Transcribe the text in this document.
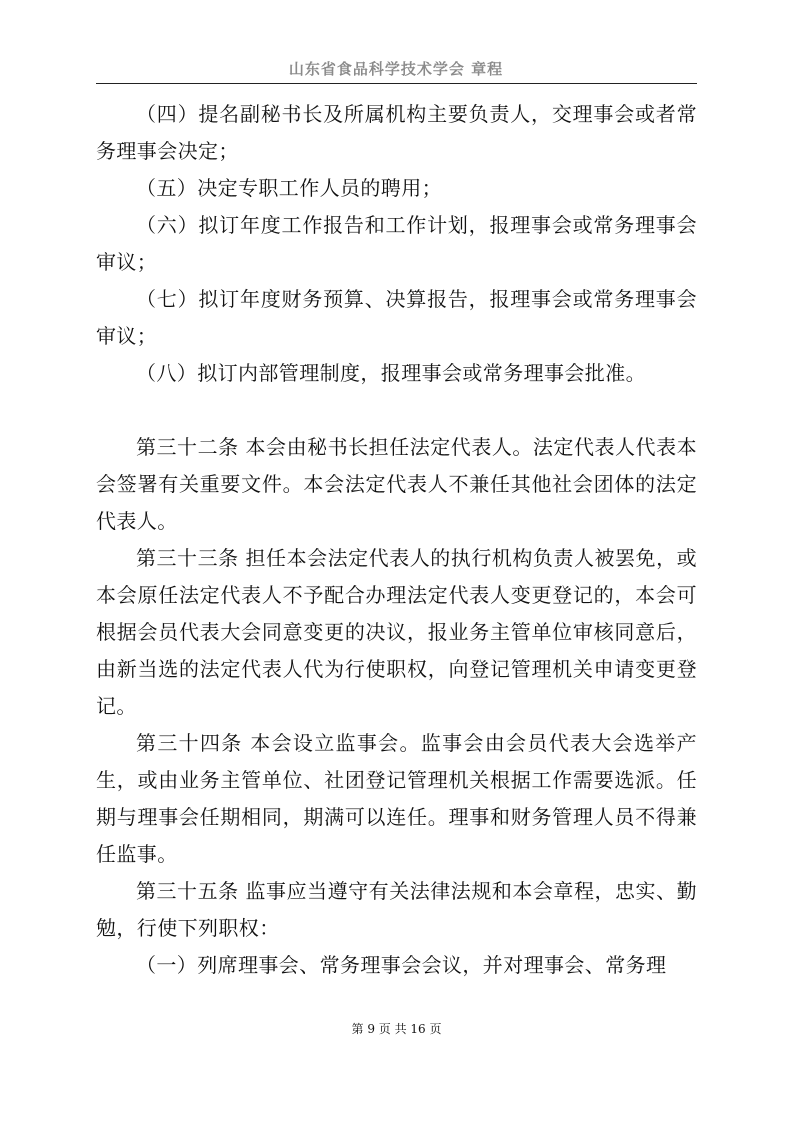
山东省食品科学技术学会 章程

（四）提名副秘书长及所属机构主要负责人，交理事会或者常务理事会决定；

（五）决定专职工作人员的聘用；

（六）拟订年度工作报告和工作计划，报理事会或常务理事会审议；

（七）拟订年度财务预算、决算报告，报理事会或常务理事会审议；

（八）拟订内部管理制度，报理事会或常务理事会批准。

第三十二条 本会由秘书长担任法定代表人。法定代表人代表本会签署有关重要文件。本会法定代表人不兼任其他社会团体的法定代表人。

第三十三条 担任本会法定代表人的执行机构负责人被罢免，或本会原任法定代表人不予配合办理法定代表人变更登记的，本会可根据会员代表大会同意变更的决议，报业务主管单位审核同意后，由新当选的法定代表人代为行使职权，向登记管理机关申请变更登记。

第三十四条 本会设立监事会。监事会由会员代表大会选举产生，或由业务主管单位、社团登记管理机关根据工作需要选派。任期与理事会任期相同，期满可以连任。理事和财务管理人员不得兼任监事。

第三十五条 监事应当遵守有关法律法规和本会章程，忠实、勤勉，行使下列职权：

（一）列席理事会、常务理事会会议，并对理事会、常务理

第 9 页 共 16 页
